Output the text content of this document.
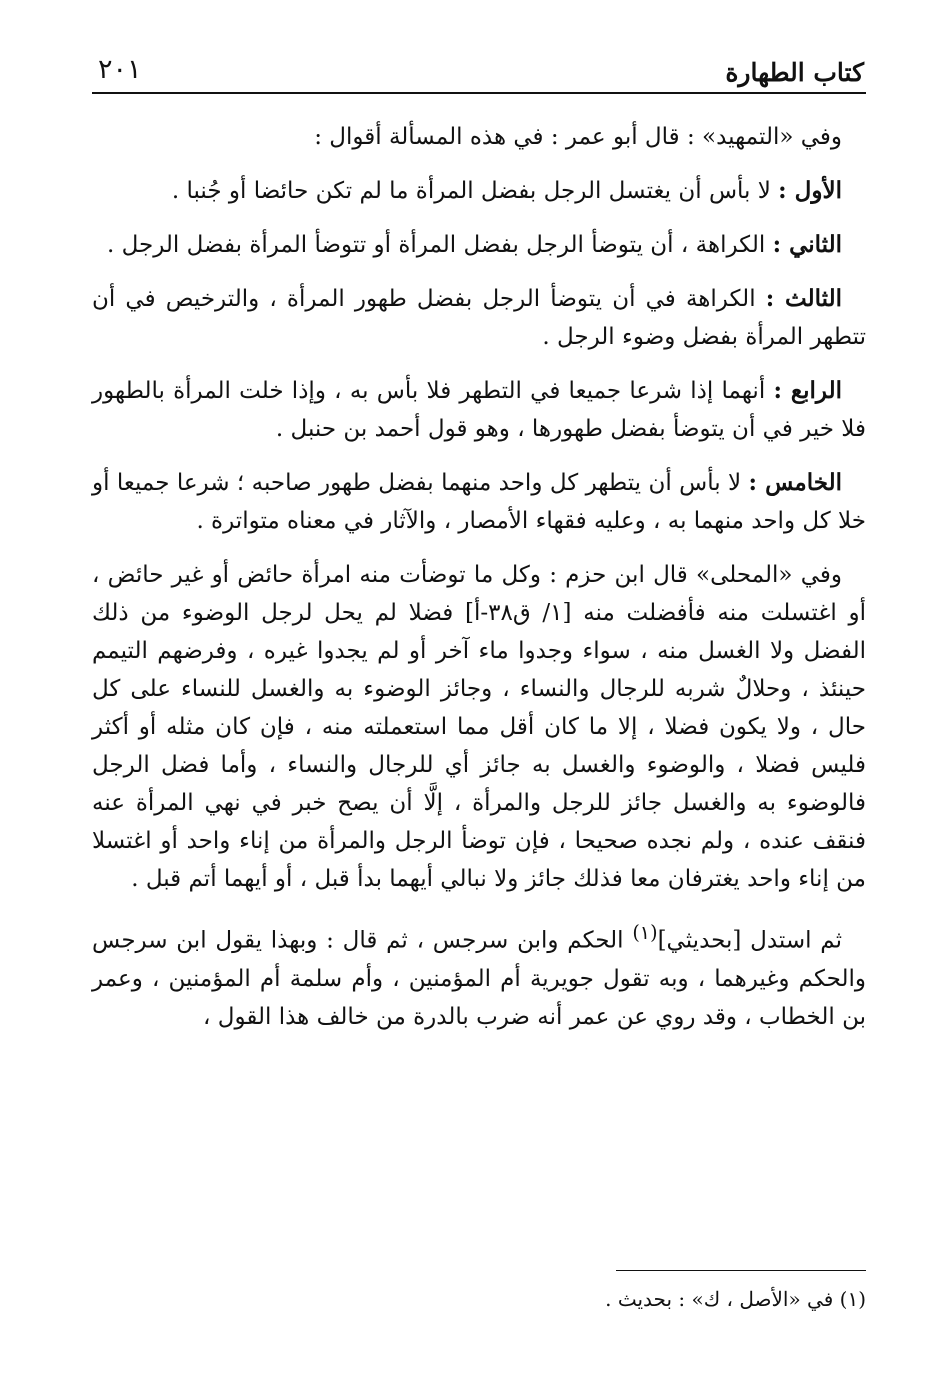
كتاب الطهارة
٢٠١

وفي «التمهيد» : قال أبو عمر : في هذه المسألة أقوال :

الأول : لا بأس أن يغتسل الرجل بفضل المرأة ما لم تكن حائضا أو جُنبا .

الثاني : الكراهة ، أن يتوضأ الرجل بفضل المرأة أو تتوضأ المرأة بفضل الرجل .

الثالث : الكراهة في أن يتوضأ الرجل بفضل طهور المرأة ، والترخيص في أن تتطهر المرأة بفضل وضوء الرجل .

الرابع : أنهما إذا شرعا جميعا في التطهر فلا بأس به ، وإذا خلت المرأة بالطهور فلا خير في أن يتوضأ بفضل طهورها ، وهو قول أحمد بن حنبل .

الخامس : لا بأس أن يتطهر كل واحد منهما بفضل طهور صاحبه ؛ شرعا جميعا أو خلا كل واحد منهما به ، وعليه فقهاء الأمصار ، والآثار في معناه متواترة .

وفي «المحلى» قال ابن حزم : وكل ما توضأت منه امرأة حائض أو غير حائض ، أو اغتسلت منه فأفضلت منه [١/ ق٣٨-أ] فضلا لم يحل لرجل الوضوء من ذلك الفضل ولا الغسل منه ، سواء وجدوا ماء آخر أو لم يجدوا غيره ، وفرضهم التيمم حينئذ ، وحلالٌ شربه للرجال والنساء ، وجائز الوضوء به والغسل للنساء على كل حال ، ولا يكون فضلا ، إلا ما كان أقل مما استعملته منه ، فإن كان مثله أو أكثر فليس فضلا ، والوضوء والغسل به جائز أي للرجال والنساء ، وأما فضل الرجل فالوضوء به والغسل جائز للرجل والمرأة ، إلَّا أن يصح خبر في نهي المرأة عنه فنقف عنده ، ولم نجده صحيحا ، فإن توضأ الرجل والمرأة من إناء واحد أو اغتسلا من إناء واحد يغترفان معا فذلك جائز ولا نبالي أيهما بدأ قبل ، أو أيهما أتم قبل .

ثم استدل [بحديثي]$^{(١)}$ الحكم وابن سرجس ، ثم قال : وبهذا يقول ابن سرجس والحكم وغيرهما ، وبه تقول جويرية أم المؤمنين ، وأم سلمة أم المؤمنين ، وعمر بن الخطاب ، وقد روي عن عمر أنه ضرب بالدرة من خالف هذا القول ،

(١) في «الأصل ، ك» : بحديث .
